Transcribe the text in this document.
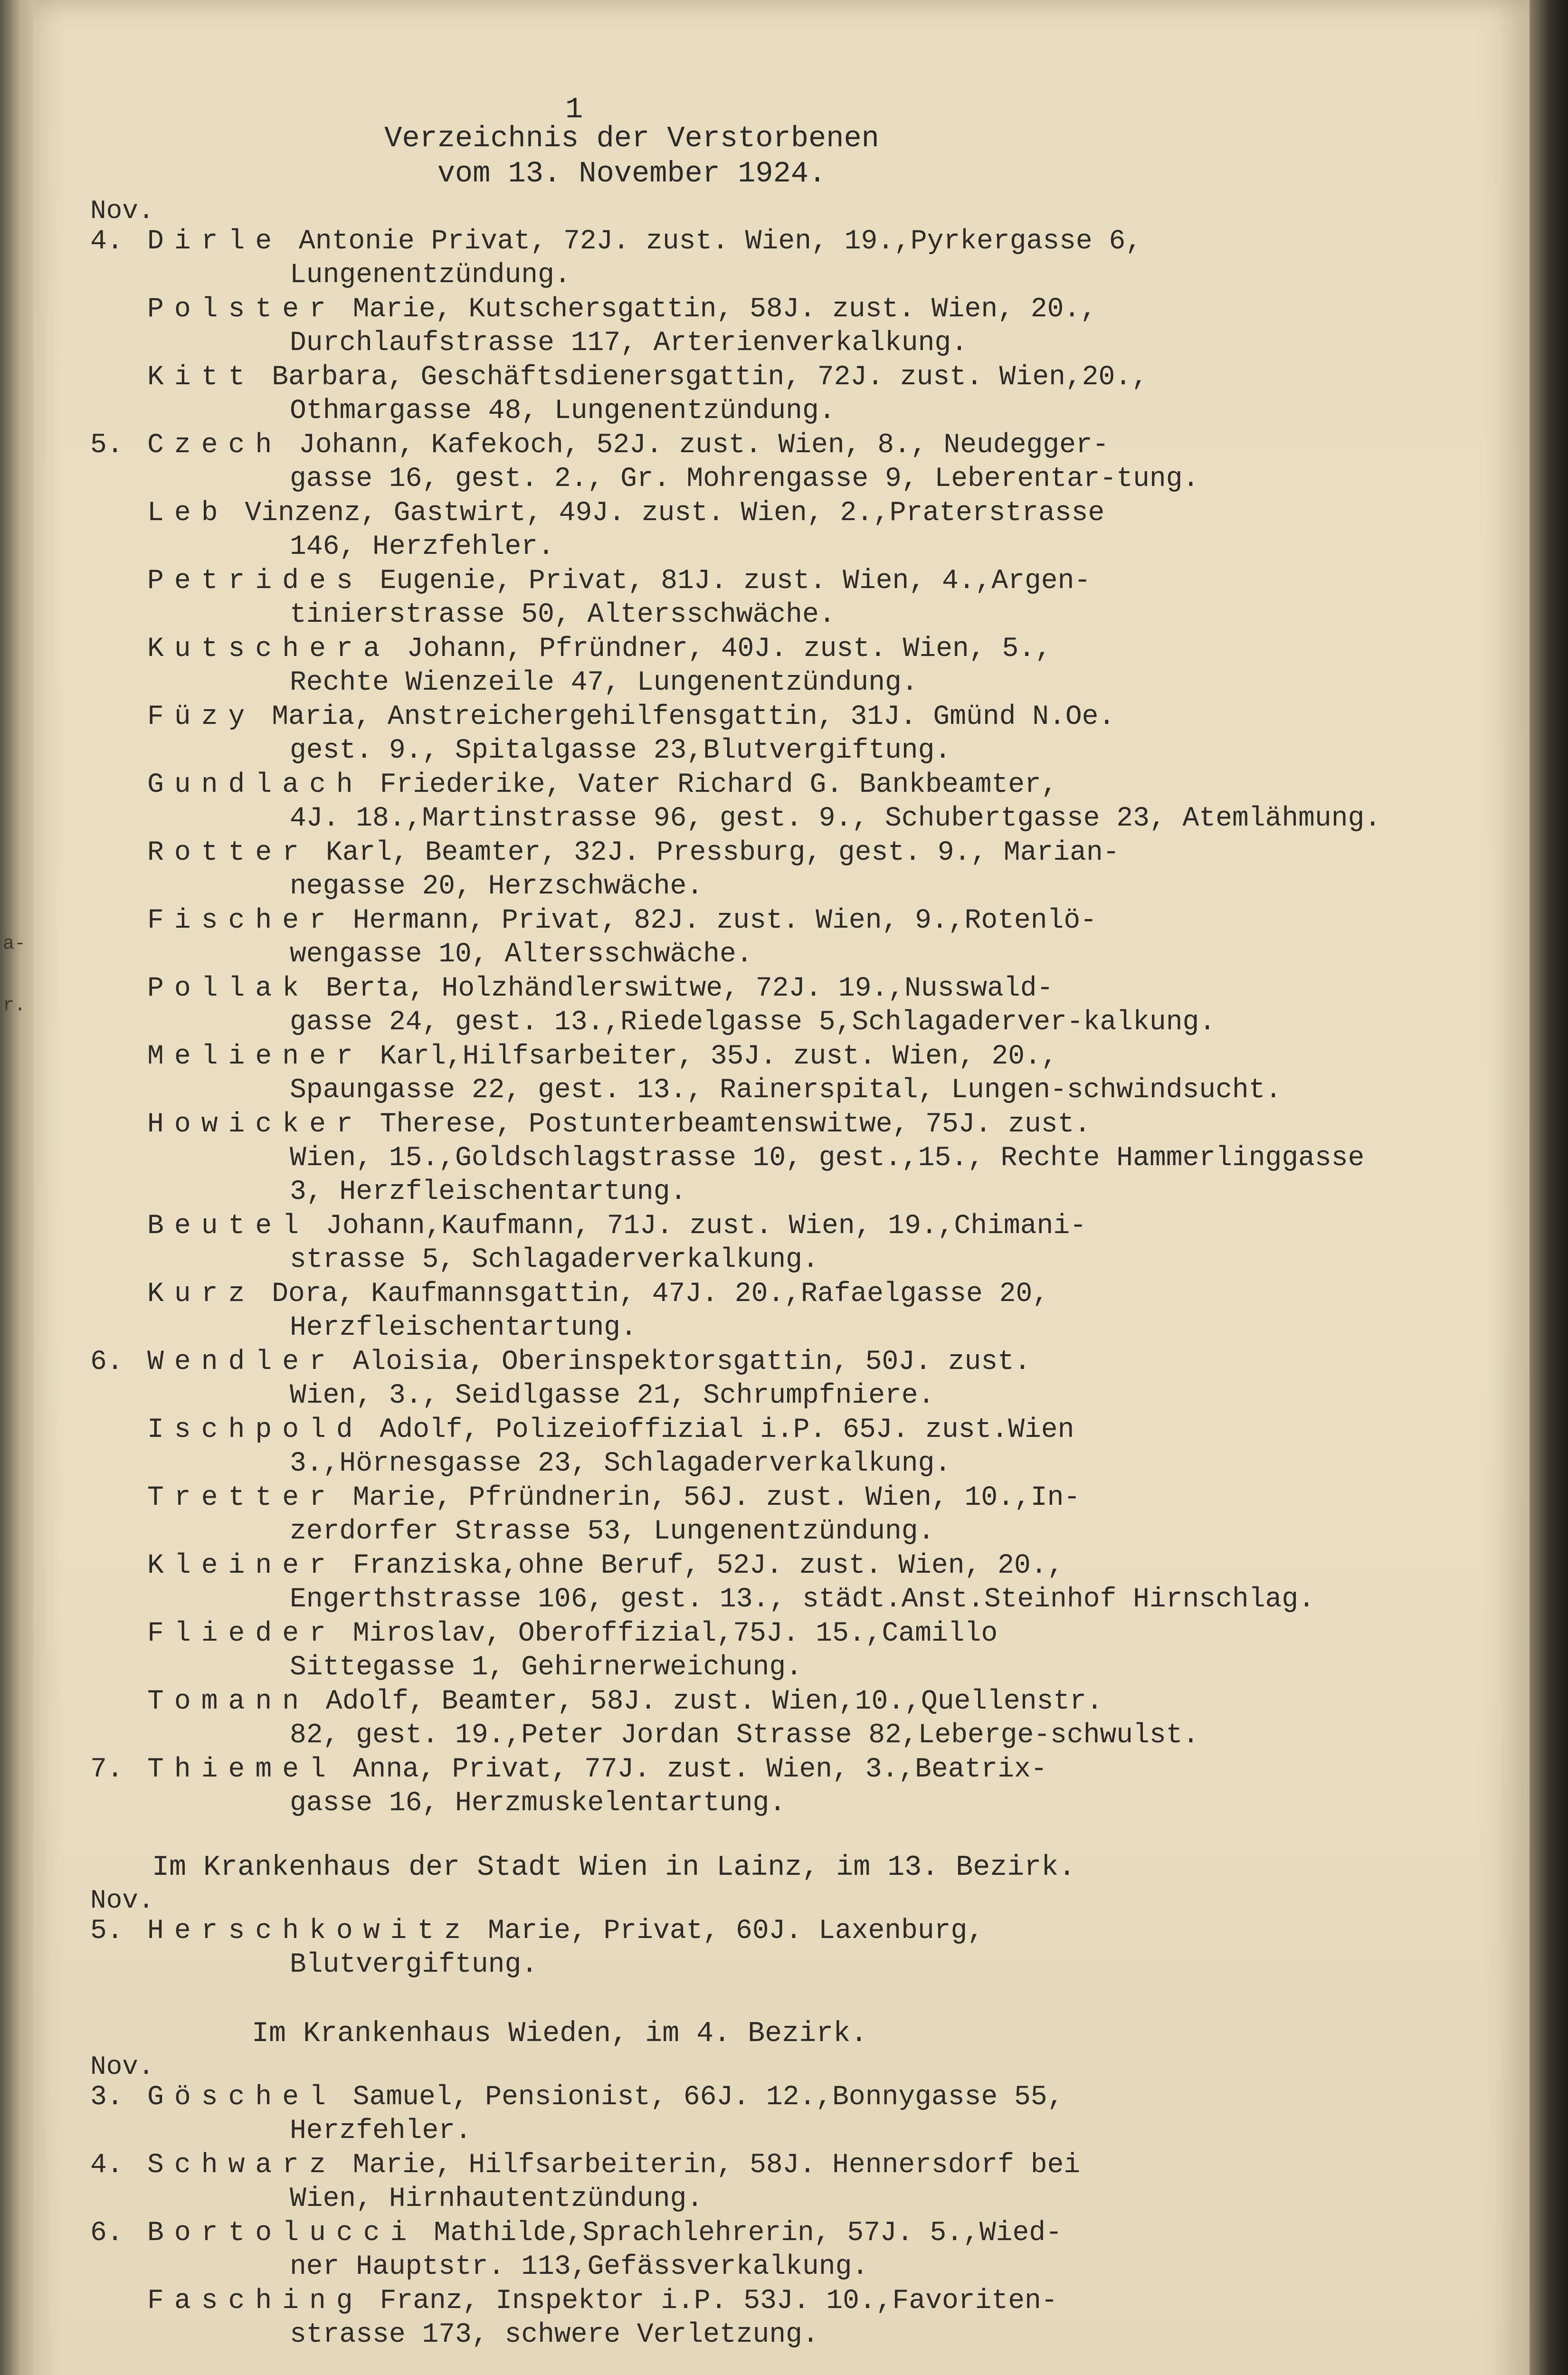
a-
r.

1

Verzeichnis der Verstorbenen
vom 13. November 1924.

Nov.

4. Dirle Antonie Privat, 72J. zust. Wien, 19.,Pyrkergasse 6,
Lungenentzündung.

Polster Marie, Kutschersgattin, 58J. zust. Wien, 20.,
Durchlaufstrasse 117, Arterienverkalkung.

Kitt Barbara, Geschäftsdienersgattin, 72J. zust. Wien,20.,
Othmargasse 48, Lungenentzündung.

5. Czech Johann, Kafekoch, 52J. zust. Wien, 8., Neudegger-
gasse 16, gest. 2., Gr. Mohrengasse 9, Leberentar-tung.

Leb Vinzenz, Gastwirt, 49J. zust. Wien, 2.,Praterstrasse
146, Herzfehler.

Petrides Eugenie, Privat, 81J. zust. Wien, 4.,Argen-
tinierstrasse 50, Altersschwäche.

Kutschera Johann, Pfründner, 40J. zust. Wien, 5.,
Rechte Wienzeile 47, Lungenentzündung.

Füzy Maria, Anstreichergehilfensgattin, 31J. Gmünd N.Oe.
gest. 9., Spitalgasse 23,Blutvergiftung.

Gundlach Friederike, Vater Richard G. Bankbeamter,
4J. 18.,Martinstrasse 96, gest. 9., Schubertgasse 23, Atemlähmung.

Rotter Karl, Beamter, 32J. Pressburg, gest. 9., Marian-
negasse 20, Herzschwäche.

Fischer Hermann, Privat, 82J. zust. Wien, 9.,Rotenlö-
wengasse 10, Altersschwäche.

Pollak Berta, Holzhändlerswitwe, 72J. 19.,Nusswald-
gasse 24, gest. 13.,Riedelgasse 5,Schlagaderver-kalkung.

Meliener Karl,Hilfsarbeiter, 35J. zust. Wien, 20.,
Spaungasse 22, gest. 13., Rainerspital, Lungen-schwindsucht.

Howicker Therese, Postunterbeamtenswitwe, 75J. zust.
Wien, 15.,Goldschlagstrasse 10, gest.,15., Rechte Hammerlinggasse 3, Herzfleischentartung.

Beutel Johann,Kaufmann, 71J. zust. Wien, 19.,Chimani-
strasse 5, Schlagaderverkalkung.

Kurz Dora, Kaufmannsgattin, 47J. 20.,Rafaelgasse 20,
Herzfleischentartung.

6. Wendler Aloisia, Oberinspektorsgattin, 50J. zust.
Wien, 3., Seidlgasse 21, Schrumpfniere.

Ischpold Adolf, Polizeioffizial i.P. 65J. zust.Wien
3.,Hörnesgasse 23, Schlagaderverkalkung.

Tretter Marie, Pfründnerin, 56J. zust. Wien, 10.,In-
zerdorfer Strasse 53, Lungenentzündung.

Kleiner Franziska,ohne Beruf, 52J. zust. Wien, 20.,
Engerthstrasse 106, gest. 13., städt.Anst.Steinhof Hirnschlag.

Flieder Miroslav, Oberoffizial,75J. 15.,Camillo
Sittegasse 1, Gehirnerweichung.

Tomann Adolf, Beamter, 58J. zust. Wien,10.,Quellenstr.
82, gest. 19.,Peter Jordan Strasse 82,Leberge-schwulst.

7. Thiemel Anna, Privat, 77J. zust. Wien, 3.,Beatrix-
gasse 16, Herzmuskelentartung.

Im Krankenhaus der Stadt Wien in Lainz, im 13. Bezirk.

Nov.

5. Herschkowitz Marie, Privat, 60J. Laxenburg,
Blutvergiftung.

Im Krankenhaus Wieden, im 4. Bezirk.

Nov.

3. Göschel Samuel, Pensionist, 66J. 12.,Bonnygasse 55,
Herzfehler.

4. Schwarz Marie, Hilfsarbeiterin, 58J. Hennersdorf bei
Wien, Hirnhautentzündung.

6. Bortolucci Mathilde,Sprachlehrerin, 57J. 5.,Wied-
ner Hauptstr. 113,Gefässverkalkung.

Fasching Franz, Inspektor i.P. 53J. 10.,Favoriten-
strasse 173, schwere Verletzung.
